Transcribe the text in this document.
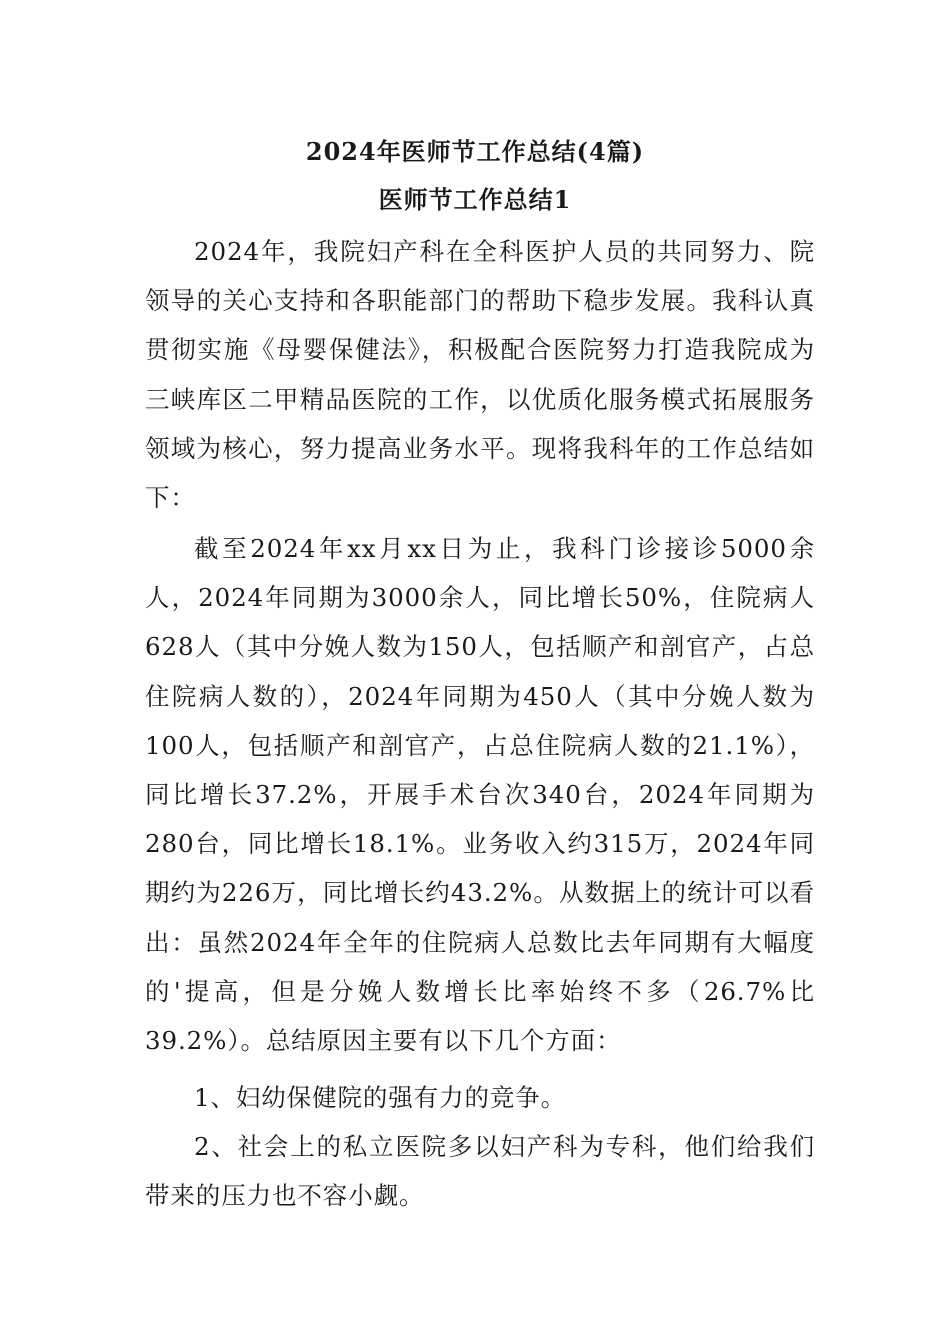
2024年医师节工作总结(4篇)
医师节工作总结1

2024年，我院妇产科在全科医护人员的共同努力、院领导的关心支持和各职能部门的帮助下稳步发展。我科认真贯彻实施《母婴保健法》，积极配合医院努力打造我院成为三峡库区二甲精品医院的工作，以优质化服务模式拓展服务领域为核心，努力提高业务水平。现将我科年的工作总结如下：

截至2024年xx月xx日为止，我科门诊接诊5000余人，2024年同期为3000余人，同比增长50%，住院病人628人（其中分娩人数为150人，包括顺产和剖官产，占总住院病人数的），2024年同期为450人（其中分娩人数为100人，包括顺产和剖官产，占总住院病人数的21.1%），同比增长37.2%，开展手术台次340台，2024年同期为280台，同比增长18.1%。业务收入约315万，2024年同期约为226万，同比增长约43.2%。从数据上的统计可以看出：虽然2024年全年的住院病人总数比去年同期有大幅度的'提高，但是分娩人数增长比率始终不多（26.7%比39.2%）。总结原因主要有以下几个方面：

1、妇幼保健院的强有力的竞争。

2、社会上的私立医院多以妇产科为专科，他们给我们带来的压力也不容小觑。
